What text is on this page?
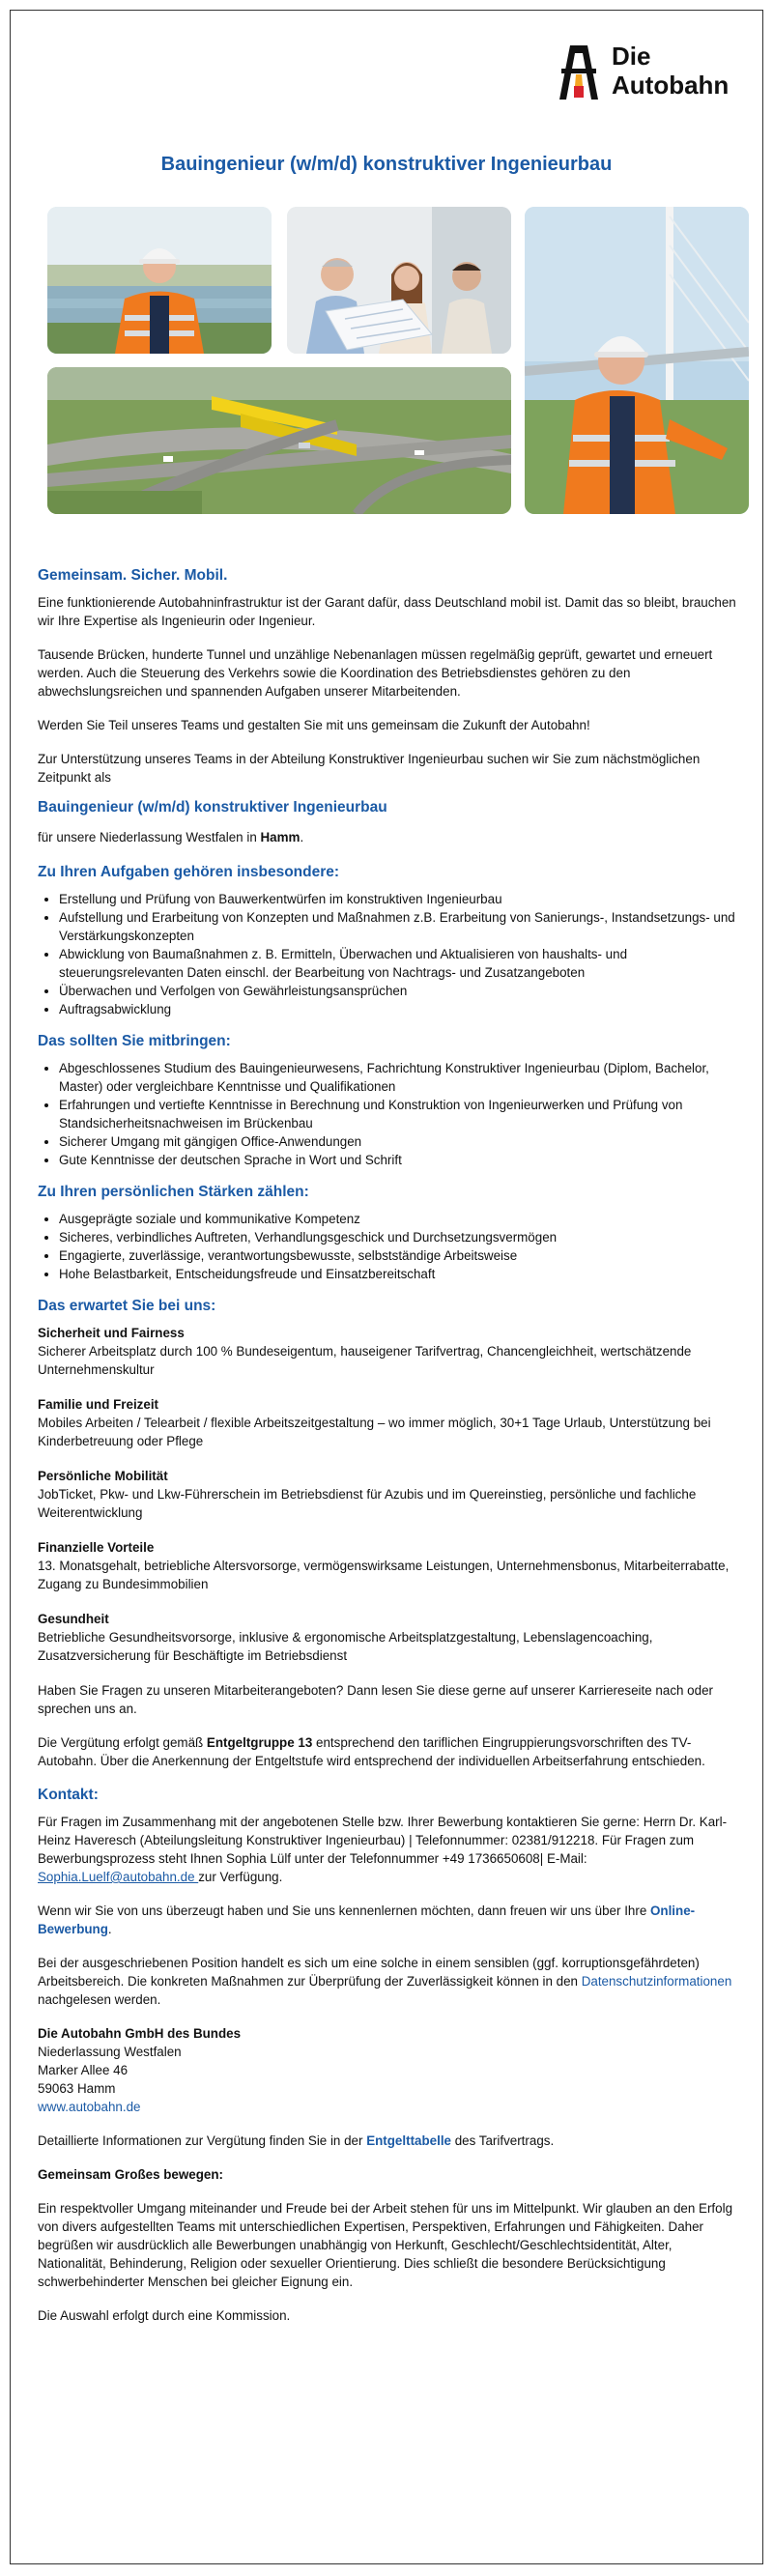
Die
Autobahn
Bauingenieur (w/m/d) konstruktiver Ingenieurbau
Gemeinsam. Sicher. Mobil.

Eine funktionierende Autobahninfrastruktur ist der Garant dafür, dass Deutschland mobil ist. Damit das so bleibt, brauchen wir Ihre Expertise als Ingenieurin oder Ingenieur.

Tausende Brücken, hunderte Tunnel und unzählige Nebenanlagen müssen regelmäßig geprüft, gewartet und erneuert werden. Auch die Steuerung des Verkehrs sowie die Koordination des Betriebsdienstes gehören zu den abwechslungsreichen und spannenden Aufgaben unserer Mitarbeitenden.

Werden Sie Teil unseres Teams und gestalten Sie mit uns gemeinsam die Zukunft der Autobahn!

Zur Unterstützung unseres Teams in der Abteilung Konstruktiver Ingenieurbau suchen wir Sie zum nächstmöglichen Zeitpunkt als

Bauingenieur (w/m/d) konstruktiver Ingenieurbau

für unsere Niederlassung Westfalen in Hamm.

Zu Ihren Aufgaben gehören insbesondere:
• Erstellung und Prüfung von Bauwerkentwürfen im konstruktiven Ingenieurbau
• Aufstellung und Erarbeitung von Konzepten und Maßnahmen z.B. Erarbeitung von Sanierungs-, Instandsetzungs- und Verstärkungskonzepten
• Abwicklung von Baumaßnahmen z. B. Ermitteln, Überwachen und Aktualisieren von haushalts- und steuerungsrelevanten Daten einschl. der Bearbeitung von Nachtrags- und Zusatzangeboten
• Überwachen und Verfolgen von Gewährleistungsansprüchen
• Auftragsabwicklung
Das sollten Sie mitbringen:
• Abgeschlossenes Studium des Bauingenieurwesens, Fachrichtung Konstruktiver Ingenieurbau (Diplom, Bachelor, Master) oder vergleichbare Kenntnisse und Qualifikationen
• Erfahrungen und vertiefte Kenntnisse in Berechnung und Konstruktion von Ingenieurwerken und Prüfung von Standsicherheitsnachweisen im Brückenbau
• Sicherer Umgang mit gängigen Office-Anwendungen
• Gute Kenntnisse der deutschen Sprache in Wort und Schrift
Zu Ihren persönlichen Stärken zählen:
• Ausgeprägte soziale und kommunikative Kompetenz
• Sicheres, verbindliches Auftreten, Verhandlungsgeschick und Durchsetzungsvermögen
• Engagierte, zuverlässige, verantwortungsbewusste, selbstständige Arbeitsweise
• Hohe Belastbarkeit, Entscheidungsfreude und Einsatzbereitschaft
Das erwartet Sie bei uns:
Sicherheit und Fairness
Sicherer Arbeitsplatz durch 100 % Bundeseigentum, hauseigener Tarifvertrag, Chancengleichheit, wertschätzende Unternehmenskultur
Familie und Freizeit
Mobiles Arbeiten / Telearbeit / flexible Arbeitszeitgestaltung – wo immer möglich, 30+1 Tage Urlaub, Unterstützung bei Kinderbetreuung oder Pflege
Persönliche Mobilität
JobTicket, Pkw- und Lkw-Führerschein im Betriebsdienst für Azubis und im Quereinstieg, persönliche und fachliche Weiterentwicklung
Finanzielle Vorteile
13. Monatsgehalt, betriebliche Altersvorsorge, vermögenswirksame Leistungen, Unternehmensbonus, Mitarbeiterrabatte, Zugang zu Bundesimmobilien
Gesundheit
Betriebliche Gesundheitsvorsorge, inklusive & ergonomische Arbeitsplatzgestaltung, Lebenslagencoaching, Zusatzversicherung für Beschäftigte im Betriebsdienst

Haben Sie Fragen zu unseren Mitarbeiterangeboten? Dann lesen Sie diese gerne auf unserer Karriereseite nach oder sprechen uns an.

Die Vergütung erfolgt gemäß Entgeltgruppe 13 entsprechend den tariflichen Eingruppierungsvorschriften des TV-Autobahn. Über die Anerkennung der Entgeltstufe wird entsprechend der individuellen Arbeitserfahrung entschieden.

Kontakt:

Für Fragen im Zusammenhang mit der angebotenen Stelle bzw. Ihrer Bewerbung kontaktieren Sie gerne: Herrn Dr. Karl-Heinz Haveresch (Abteilungsleitung Konstruktiver Ingenieurbau) | Telefonnummer: 02381/912218. Für Fragen zum Bewerbungsprozess steht Ihnen Sophia Lülf unter der Telefonnummer +49 1736650608| E-Mail: Sophia.Luelf@autobahn.de zur Verfügung.

Wenn wir Sie von uns überzeugt haben und Sie uns kennenlernen möchten, dann freuen wir uns über Ihre Online-Bewerbung.

Bei der ausgeschriebenen Position handelt es sich um eine solche in einem sensiblen (ggf. korruptionsgefährdeten) Arbeitsbereich. Die konkreten Maßnahmen zur Überprüfung der Zuverlässigkeit können in den Datenschutzinformationen nachgelesen werden.

Die Autobahn GmbH des Bundes
Niederlassung Westfalen
Marker Allee 46
59063 Hamm
www.autobahn.de

Detaillierte Informationen zur Vergütung finden Sie in der Entgelttabelle des Tarifvertrags.

Gemeinsam Großes bewegen:

Ein respektvoller Umgang miteinander und Freude bei der Arbeit stehen für uns im Mittelpunkt. Wir glauben an den Erfolg von divers aufgestellten Teams mit unterschiedlichen Expertisen, Perspektiven, Erfahrungen und Fähigkeiten. Daher begrüßen wir ausdrücklich alle Bewerbungen unabhängig von Herkunft, Geschlecht/Geschlechtsidentität, Alter, Nationalität, Behinderung, Religion oder sexueller Orientierung. Dies schließt die besondere Berücksichtigung schwerbehinderter Menschen bei gleicher Eignung ein.

Die Auswahl erfolgt durch eine Kommission.
